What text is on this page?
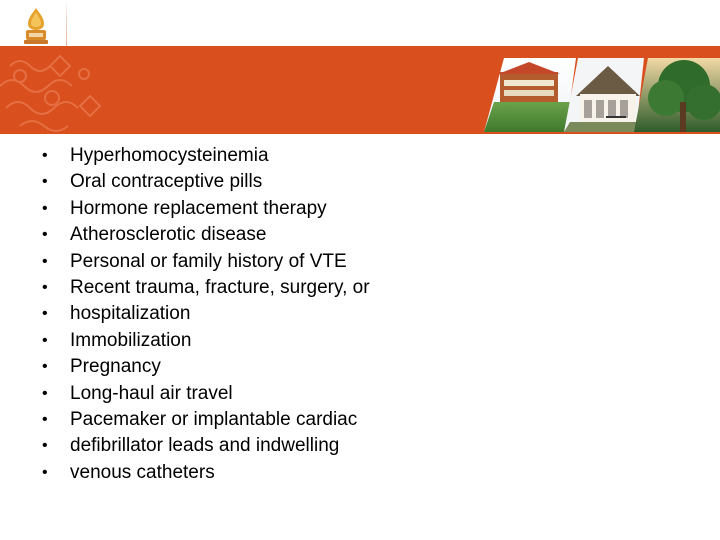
• Hyperhomocysteinemia
• Oral contraceptive pills
• Hormone replacement therapy
• Atherosclerotic disease
• Personal or family history of VTE
• Recent trauma, fracture, surgery, or
• hospitalization
• Immobilization
• Pregnancy
• Long-haul air travel
• Pacemaker or implantable cardiac
• defibrillator leads and indwelling
• venous catheters
